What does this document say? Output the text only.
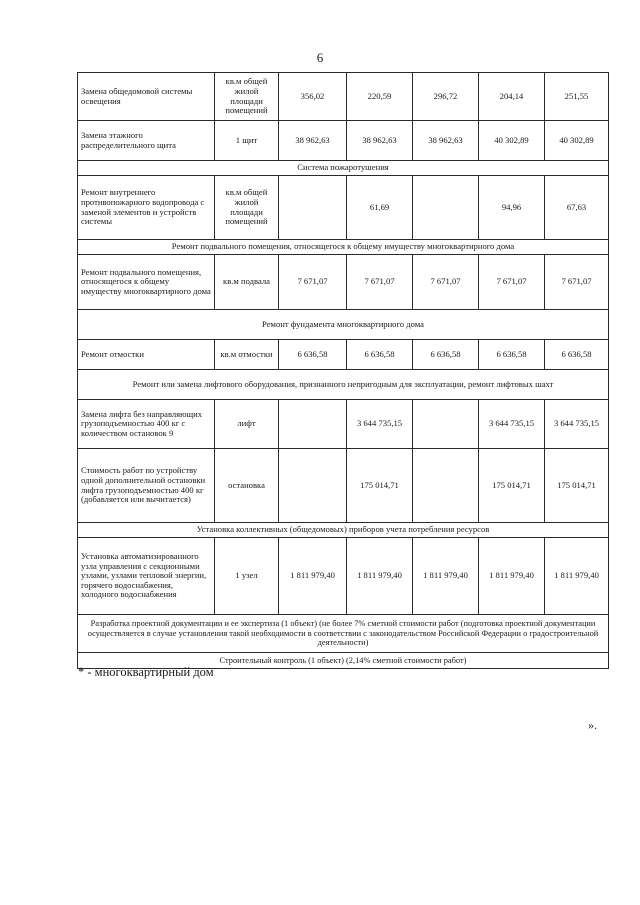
6
Замена общедомовой системы освещения	кв.м общей жилой площади помещений	356,02	220,59	296,72	204,14	251,55
Замена этажного распределительного щита	1 щит	38 962,63	38 962,63	38 962,63	40 302,89	40 302,89
Система пожаротушения						
Ремонт внутреннего противопожарного водопровода с заменой элементов и устройств системы	кв.м общей жилой площади помещений		61,69		94,96	67,63
Ремонт подвального помещения, относящегося к общему имуществу многоквартирного дома						
Ремонт подвального помещения, относящегося к общему имуществу многоквартирного дома	кв.м подвала	7 671,07	7 671,07	7 671,07	7 671,07	7 671,07
Ремонт фундамента многоквартирного дома						
Ремонт отмостки	кв.м отмостки	6 636,58	6 636,58	6 636,58	6 636,58	6 636,58
Ремонт или замена лифтового оборудования, признанного непригодным для эксплуатации, ремонт лифтовых шахт						
Замена лифта без направляющих грузоподъемностью 400 кг с количеством остановок 9	лифт		3 644 735,15		3 644 735,15	3 644 735,15
Стоимость работ по устройству одной дополнительной остановки лифта грузоподъемностью 400 кг (добавляется или вычитается)	остановка		175 014,71		175 014,71	175 014,71
Установка коллективных (общедомовых) приборов учета потребления ресурсов						
Установка автоматизированного узла управления с секционными узлами, узлами тепловой энергии, горячего водоснабжения, холодного водоснабжения	1 узел	1 811 979,40	1 811 979,40	1 811 979,40	1 811 979,40	1 811 979,40
Разработка проектной документации и ее экспертиза (1 объект) (не более 7% сметной стоимости работ (подготовка проектной документации осуществляется в случае установления такой необходимости в соответствии с законодательством Российской Федерации о градостроительной деятельности)						
Строительный контроль (1 объект) (2,14% сметной стоимости работ)						
* - многоквартирный дом
».
